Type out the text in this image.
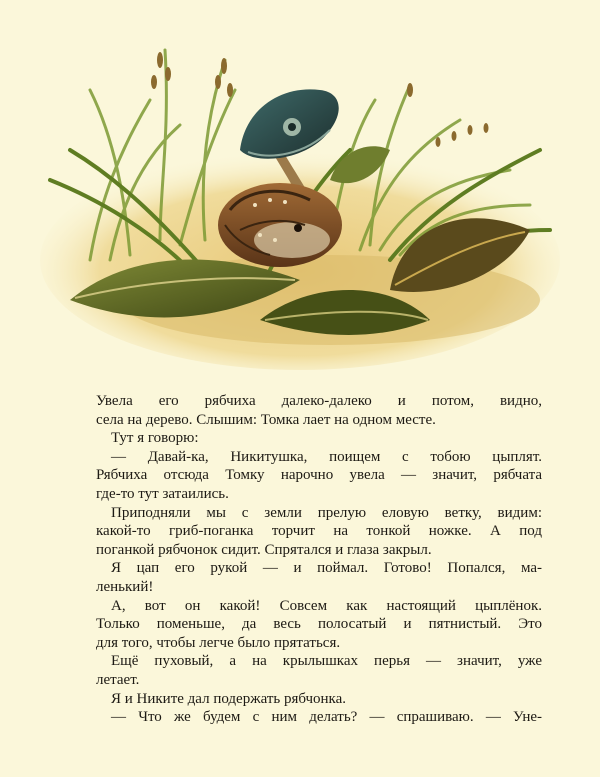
Увела его рябчиха далеко-далеко и потом, видно,

села на дерево. Слышим: Томка лает на одном месте.

Тут я говорю:

— Давай-ка, Никитушка, поищем с тобою цыплят.

Рябчиха отсюда Томку нарочно увела — значит, рябчата

где-то тут затаились.

Приподняли мы с земли прелую еловую ветку, видим:

какой-то гриб-поганка торчит на тонкой ножке. А под

поганкой рябчонок сидит. Спрятался и глаза закрыл.

Я цап его рукой — и поймал. Готово! Попался, ма-

ленький!

А, вот он какой! Совсем как настоящий цыплёнок.

Только поменьше, да весь полосатый и пятнистый. Это

для того, чтобы легче было прятаться.

Ещё пуховый, а на крылышках перья — значит, уже

летает.

Я и Никите дал подержать рябчонка.

— Что же будем с ним делать? — спрашиваю. — Уне-
